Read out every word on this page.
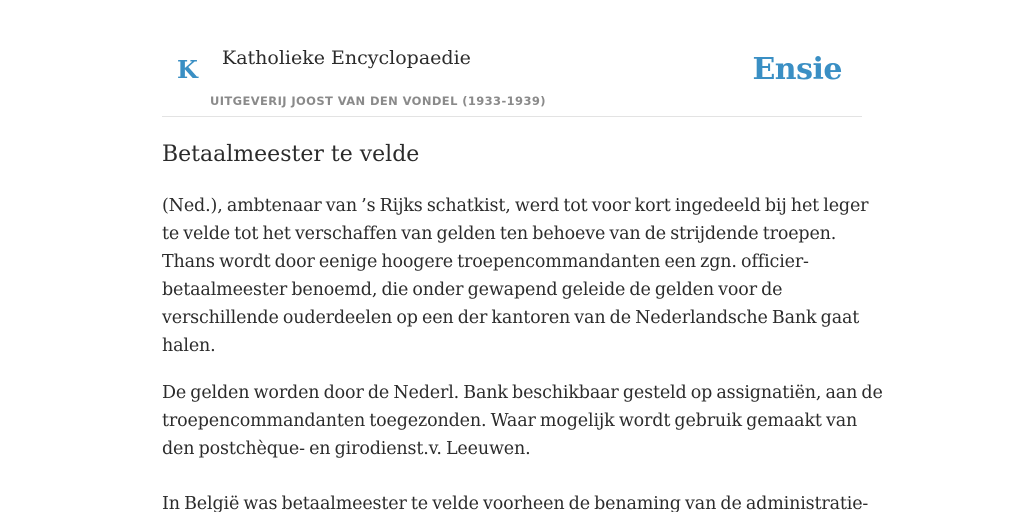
K Katholieke Encyclopaedie
UITGEVERIJ JOOST VAN DEN VONDEL (1933-1939)
Ensie
Betaalmeester te velde

(Ned.), ambtenaar van ’s Rijks schatkist, werd tot voor kort ingedeeld bij het leger
te velde tot het verschaffen van gelden ten behoeve van de strijdende troepen.
Thans wordt door eenige hoogere troepencommandanten een zgn. officier-
betaalmeester benoemd, die onder gewapend geleide de gelden voor de
verschillende ouderdeelen op een der kantoren van de Nederlandsche Bank gaat
halen.

De gelden worden door de Nederl. Bank beschikbaar gesteld op assignatiën, aan de
troepencommandanten toegezonden. Waar mogelijk wordt gebruik gemaakt van
den postchèque- en girodienst.v. Leeuwen.

In België was betaalmeester te velde voorheen de benaming van de administratie-
